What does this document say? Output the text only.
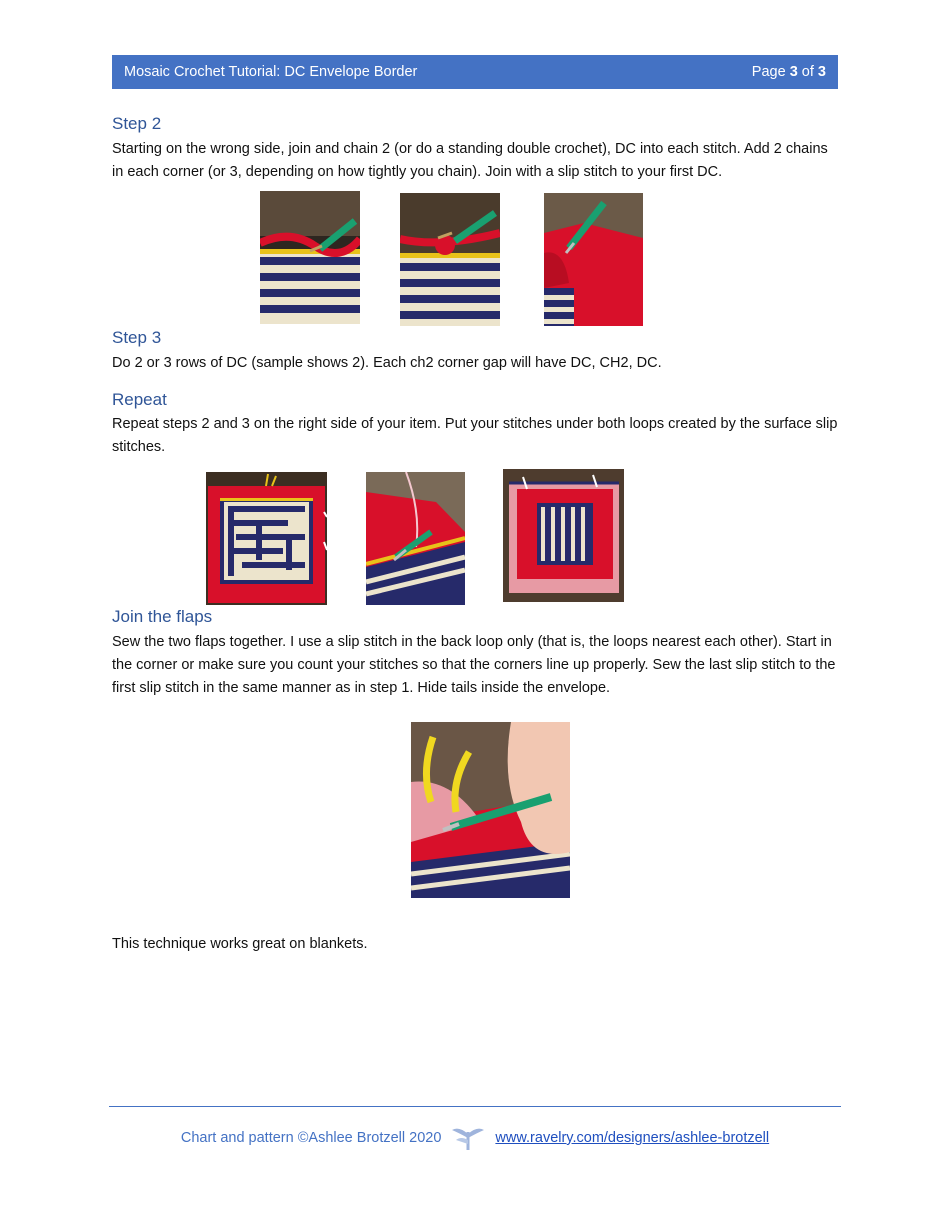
Mosaic Crochet Tutorial: DC Envelope Border	Page 3 of 3
Step 2

Starting on the wrong side, join and chain 2 (or do a standing double crochet), DC into each stitch. Add 2 chains in each corner (or 3, depending on how tightly you chain). Join with a slip stitch to your first DC.

Step 3

Do 2 or 3 rows of DC (sample shows 2). Each ch2 corner gap will have DC, CH2, DC.

Repeat

Repeat steps 2 and 3 on the right side of your item. Put your stitches under both loops created by the surface slip stitches.

Join the flaps

Sew the two flaps together. I use a slip stitch in the back loop only (that is, the loops nearest each other). Start in the corner or make sure you count your stitches so that the corners line up properly. Sew the last slip stitch to the first slip stitch in the same manner as in step 1. Hide tails inside the envelope.

This technique works great on blankets.

Chart and pattern ©Ashlee Brotzell 2020	www.ravelry.com/designers/ashlee-brotzell
